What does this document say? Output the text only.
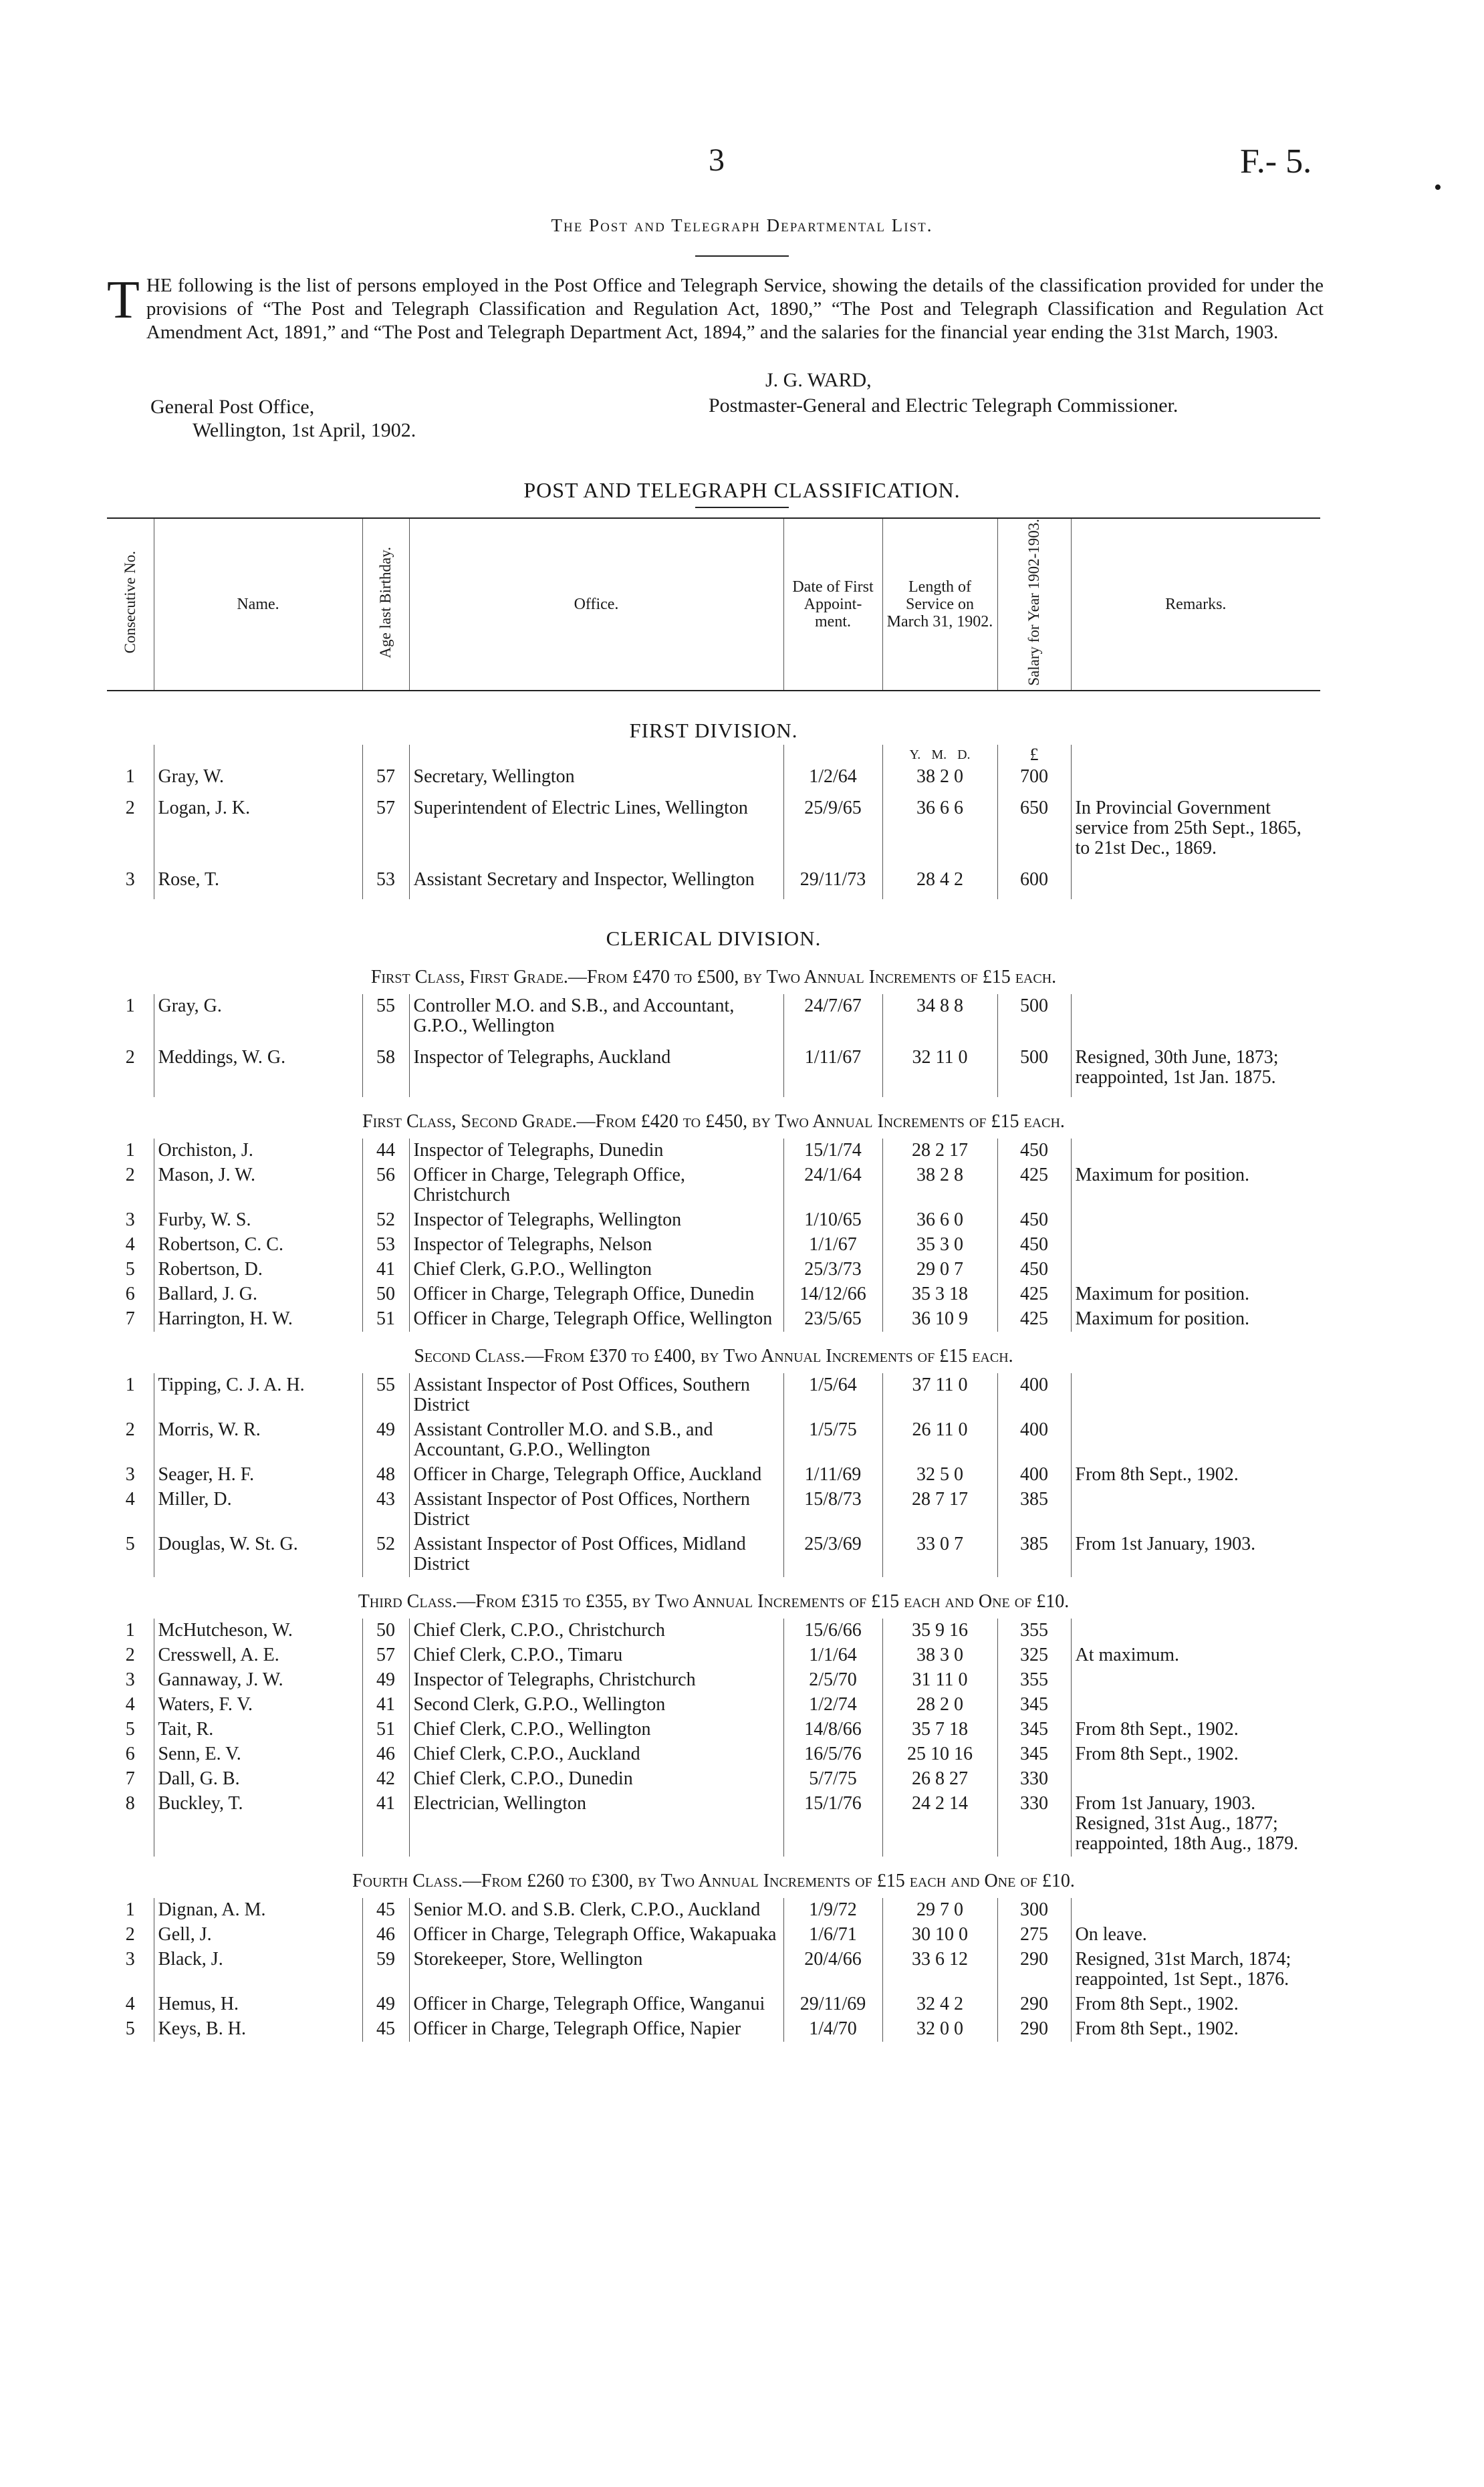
3	F.- 5.
•
The Post and Telegraph Departmental List.
THE following is the list of persons employed in the Post Office and Telegraph Service, showing the details of the classification provided for under the provisions of “The Post and Telegraph Classification and Regulation Act, 1890,” “The Post and Telegraph Classification and Regulation Act Amendment Act, 1891,” and “The Post and Telegraph Department Act, 1894,” and the salaries for the financial year ending the 31st March, 1903.
J. G. WARD,
Postmaster-General and Electric Telegraph Commissioner.
General Post Office,
Wellington, 1st April, 1902.
POST AND TELEGRAPH CLASSIFICATION.
Consecutive No.	Name.	Age last Birthday.	Office.	Date of First Appoint-ment.	Length of Service on March 31, 1902.	Salary for Year 1902-1903.	Remarks.
FIRST DIVISION.							
					Y. M. D.	£	
1	Gray, W.	57	Secretary, Wellington	1/2/64	38 2 0	700	
2	Logan, J. K.	57	Superintendent of Electric Lines, Wellington	25/9/65	36 6 6	650	In Provincial Government service from 25th Sept., 1865, to 21st Dec., 1869.
3	Rose, T.	53	Assistant Secretary and Inspector, Wellington	29/11/73	28 4 2	600	
CLERICAL DIVISION.							
First Class, First Grade.—From £470 to £500, by Two Annual Increments of £15 each.							
1	Gray, G.	55	Controller M.O. and S.B., and Accountant, G.P.O., Wellington	24/7/67	34 8 8	500	
2	Meddings, W. G.	58	Inspector of Telegraphs, Auckland	1/11/67	32 11 0	500	Resigned, 30th June, 1873; reappointed, 1st Jan. 1875.
First Class, Second Grade.—From £420 to £450, by Two Annual Increments of £15 each.							
1	Orchiston, J.	44	Inspector of Telegraphs, Dunedin	15/1/74	28 2 17	450	
2	Mason, J. W.	56	Officer in Charge, Telegraph Office, Christchurch	24/1/64	38 2 8	425	Maximum for position.
3	Furby, W. S.	52	Inspector of Telegraphs, Wellington	1/10/65	36 6 0	450	
4	Robertson, C. C.	53	Inspector of Telegraphs, Nelson	1/1/67	35 3 0	450	
5	Robertson, D.	41	Chief Clerk, G.P.O., Wellington	25/3/73	29 0 7	450	
6	Ballard, J. G.	50	Officer in Charge, Telegraph Office, Dunedin	14/12/66	35 3 18	425	Maximum for position.
7	Harrington, H. W.	51	Officer in Charge, Telegraph Office, Wellington	23/5/65	36 10 9	425	Maximum for position.
Second Class.—From £370 to £400, by Two Annual Increments of £15 each.							
1	Tipping, C. J. A. H.	55	Assistant Inspector of Post Offices, Southern District	1/5/64	37 11 0	400	
2	Morris, W. R.	49	Assistant Controller M.O. and S.B., and Accountant, G.P.O., Wellington	1/5/75	26 11 0	400	
3	Seager, H. F.	48	Officer in Charge, Telegraph Office, Auckland	1/11/69	32 5 0	400	From 8th Sept., 1902.
4	Miller, D.	43	Assistant Inspector of Post Offices, Northern District	15/8/73	28 7 17	385	
5	Douglas, W. St. G.	52	Assistant Inspector of Post Offices, Midland District	25/3/69	33 0 7	385	From 1st January, 1903.
Third Class.—From £315 to £355, by Two Annual Increments of £15 each and One of £10.							
1	McHutcheson, W.	50	Chief Clerk, C.P.O., Christchurch	15/6/66	35 9 16	355	
2	Cresswell, A. E.	57	Chief Clerk, C.P.O., Timaru	1/1/64	38 3 0	325	At maximum.
3	Gannaway, J. W.	49	Inspector of Telegraphs, Christchurch	2/5/70	31 11 0	355	
4	Waters, F. V.	41	Second Clerk, G.P.O., Wellington	1/2/74	28 2 0	345	
5	Tait, R.	51	Chief Clerk, C.P.O., Wellington	14/8/66	35 7 18	345	From 8th Sept., 1902.
6	Senn, E. V.	46	Chief Clerk, C.P.O., Auckland	16/5/76	25 10 16	345	From 8th Sept., 1902.
7	Dall, G. B.	42	Chief Clerk, C.P.O., Dunedin	5/7/75	26 8 27	330	
8	Buckley, T.	41	Electrician, Wellington	15/1/76	24 2 14	330	From 1st January, 1903. Resigned, 31st Aug., 1877; reappointed, 18th Aug., 1879.
Fourth Class.—From £260 to £300, by Two Annual Increments of £15 each and One of £10.							
1	Dignan, A. M.	45	Senior M.O. and S.B. Clerk, C.P.O., Auckland	1/9/72	29 7 0	300	
2	Gell, J.	46	Officer in Charge, Telegraph Office, Wakapuaka	1/6/71	30 10 0	275	On leave.
3	Black, J.	59	Storekeeper, Store, Wellington	20/4/66	33 6 12	290	Resigned, 31st March, 1874; reappointed, 1st Sept., 1876.
4	Hemus, H.	49	Officer in Charge, Telegraph Office, Wanganui	29/11/69	32 4 2	290	From 8th Sept., 1902.
5	Keys, B. H.	45	Officer in Charge, Telegraph Office, Napier	1/4/70	32 0 0	290	From 8th Sept., 1902.
